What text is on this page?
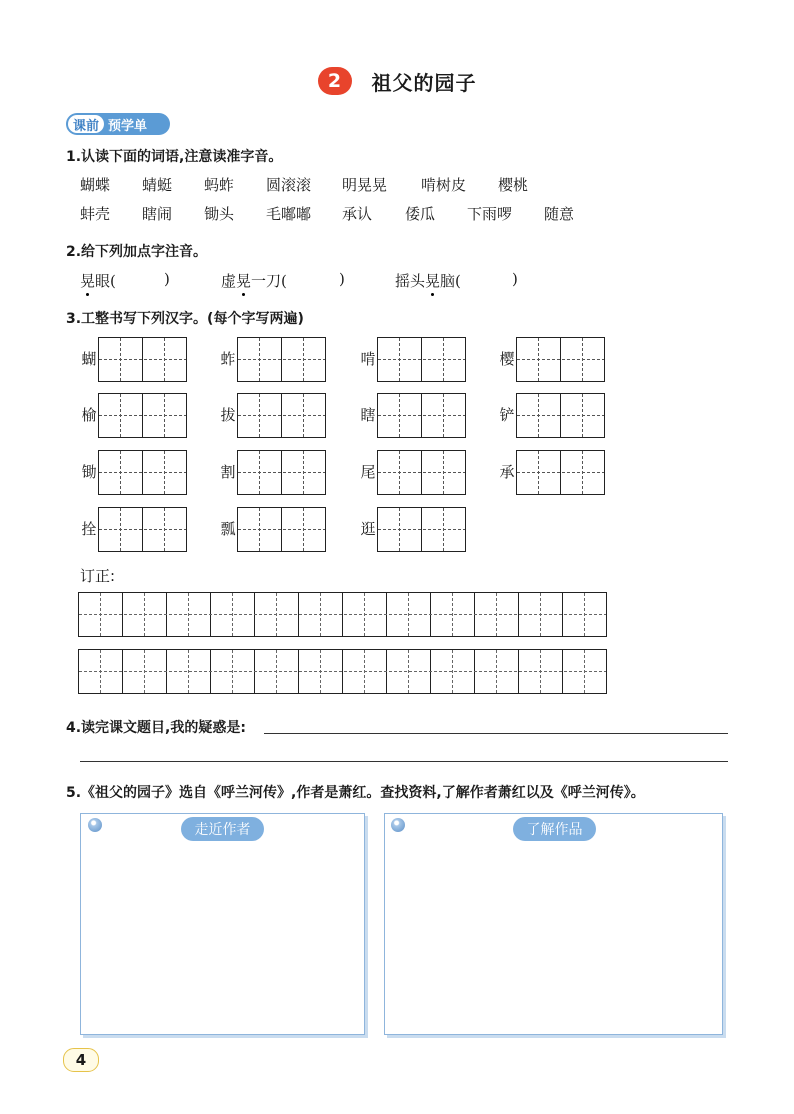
2	祖父的园子
课前 预学单
1.认读下面的词语,注意读准字音。
蝴蝶 蜻蜓 蚂蚱 圆滚滚 明晃晃 啃树皮 樱桃
蚌壳 瞎闹 锄头 毛嘟嘟 承认 倭瓜 下雨啰 随意
2.给下列加点字注音。
晃眼(	)	虚晃一刀(	)	摇头晃脑(	)
3.工整书写下列汉字。(每个字写两遍)
蝴	蚱	啃	樱
榆	拔	瞎	铲
锄	割	尾	承
拴	瓢	逛
订正:
4.读完课文题目,我的疑惑是:
5.《祖父的园子》选自《呼兰河传》,作者是萧红。查找资料,了解作者萧红以及《呼兰河传》。
走近作者	了解作品
4
